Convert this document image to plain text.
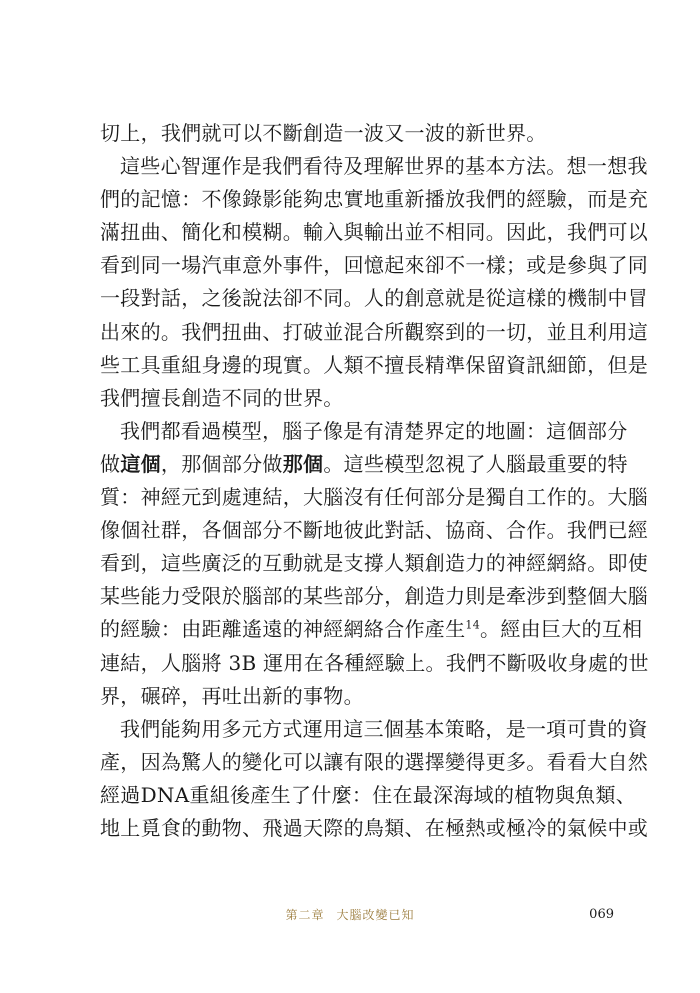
切上，我們就可以不斷創造一波又一波的新世界。
這些心智運作是我們看待及理解世界的基本方法。想一想我
們的記憶：不像錄影能夠忠實地重新播放我們的經驗，而是充
滿扭曲、簡化和模糊。輸入與輸出並不相同。因此，我們可以
看到同一場汽車意外事件，回憶起來卻不一樣；或是參與了同
一段對話，之後說法卻不同。人的創意就是從這樣的機制中冒
出來的。我們扭曲、打破並混合所觀察到的一切，並且利用這
些工具重組身邊的現實。人類不擅長精準保留資訊細節，但是
我們擅長創造不同的世界。
我們都看過模型，腦子像是有清楚界定的地圖：這個部分
做這個，那個部分做那個。這些模型忽視了人腦最重要的特
質：神經元到處連結，大腦沒有任何部分是獨自工作的。大腦
像個社群，各個部分不斷地彼此對話、協商、合作。我們已經
看到，這些廣泛的互動就是支撐人類創造力的神經網絡。即使
某些能力受限於腦部的某些部分，創造力則是牽涉到整個大腦
的經驗：由距離遙遠的神經網絡合作產生$^{14}$。經由巨大的互相
連結，人腦將 3B 運用在各種經驗上。我們不斷吸收身處的世
界，碾碎，再吐出新的事物。
我們能夠用多元方式運用這三個基本策略，是一項可貴的資
產，因為驚人的變化可以讓有限的選擇變得更多。看看大自然
經過DNA重組後產生了什麼：住在最深海域的植物與魚類、
地上覓食的動物、飛過天際的鳥類、在極熱或極冷的氣候中或
第二章 大腦改變已知	069
